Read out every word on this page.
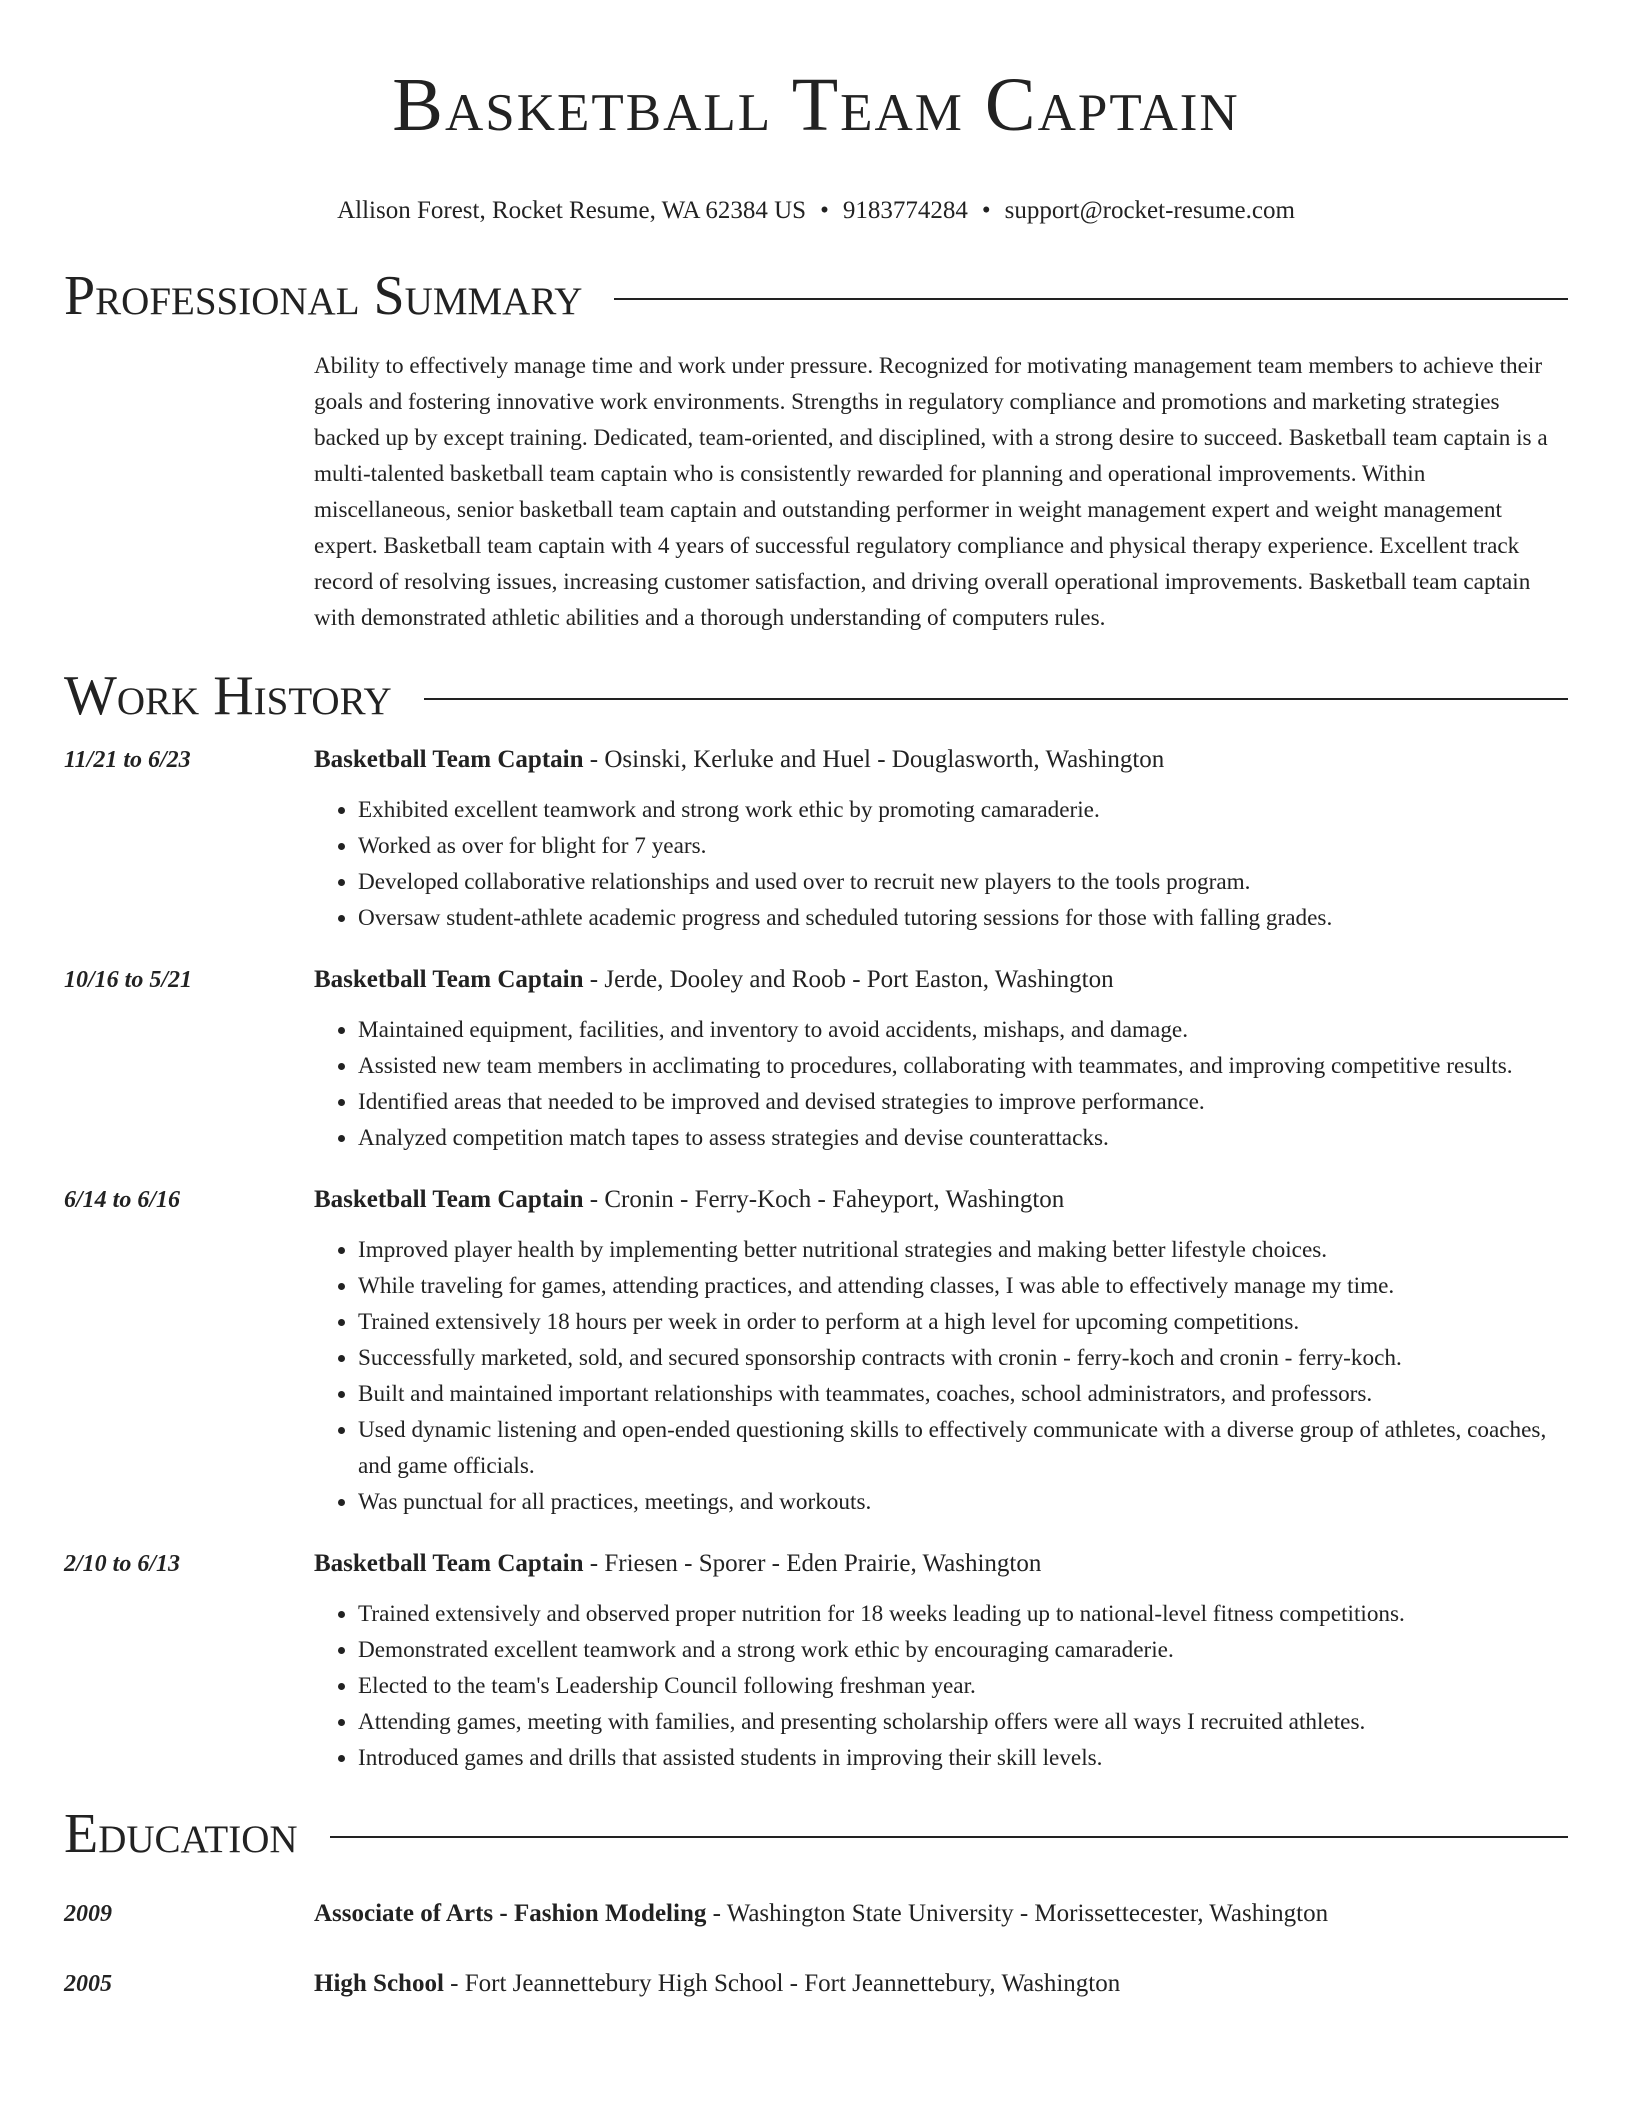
Basketball Team Captain
Allison Forest, Rocket Resume, WA 62384 US • 9183774284 • support@rocket-resume.com
Professional Summary
Ability to effectively manage time and work under pressure. Recognized for motivating management team members to achieve their goals and fostering innovative work environments. Strengths in regulatory compliance and promotions and marketing strategies backed up by except training. Dedicated, team-oriented, and disciplined, with a strong desire to succeed. Basketball team captain is a multi-talented basketball team captain who is consistently rewarded for planning and operational improvements. Within miscellaneous, senior basketball team captain and outstanding performer in weight management expert and weight management expert. Basketball team captain with 4 years of successful regulatory compliance and physical therapy experience. Excellent track record of resolving issues, increasing customer satisfaction, and driving overall operational improvements. Basketball team captain with demonstrated athletic abilities and a thorough understanding of computers rules.
Work History
11/21 to 6/23	Basketball Team Captain - Osinski, Kerluke and Huel - Douglasworth, Washington
• Exhibited excellent teamwork and strong work ethic by promoting camaraderie.
• Worked as over for blight for 7 years.
• Developed collaborative relationships and used over to recruit new players to the tools program.
• Oversaw student-athlete academic progress and scheduled tutoring sessions for those with falling grades.
10/16 to 5/21	Basketball Team Captain - Jerde, Dooley and Roob - Port Easton, Washington
• Maintained equipment, facilities, and inventory to avoid accidents, mishaps, and damage.
• Assisted new team members in acclimating to procedures, collaborating with teammates, and improving competitive results.
• Identified areas that needed to be improved and devised strategies to improve performance.
• Analyzed competition match tapes to assess strategies and devise counterattacks.
6/14 to 6/16	Basketball Team Captain - Cronin - Ferry-Koch - Faheyport, Washington
• Improved player health by implementing better nutritional strategies and making better lifestyle choices.
• While traveling for games, attending practices, and attending classes, I was able to effectively manage my time.
• Trained extensively 18 hours per week in order to perform at a high level for upcoming competitions.
• Successfully marketed, sold, and secured sponsorship contracts with cronin - ferry-koch and cronin - ferry-koch.
• Built and maintained important relationships with teammates, coaches, school administrators, and professors.
• Used dynamic listening and open-ended questioning skills to effectively communicate with a diverse group of athletes, coaches, and game officials.
• Was punctual for all practices, meetings, and workouts.
2/10 to 6/13	Basketball Team Captain - Friesen - Sporer - Eden Prairie, Washington
• Trained extensively and observed proper nutrition for 18 weeks leading up to national-level fitness competitions.
• Demonstrated excellent teamwork and a strong work ethic by encouraging camaraderie.
• Elected to the team's Leadership Council following freshman year.
• Attending games, meeting with families, and presenting scholarship offers were all ways I recruited athletes.
• Introduced games and drills that assisted students in improving their skill levels.
Education
2009	Associate of Arts - Fashion Modeling - Washington State University - Morissettecester, Washington
2005	High School - Fort Jeannettebury High School - Fort Jeannettebury, Washington
